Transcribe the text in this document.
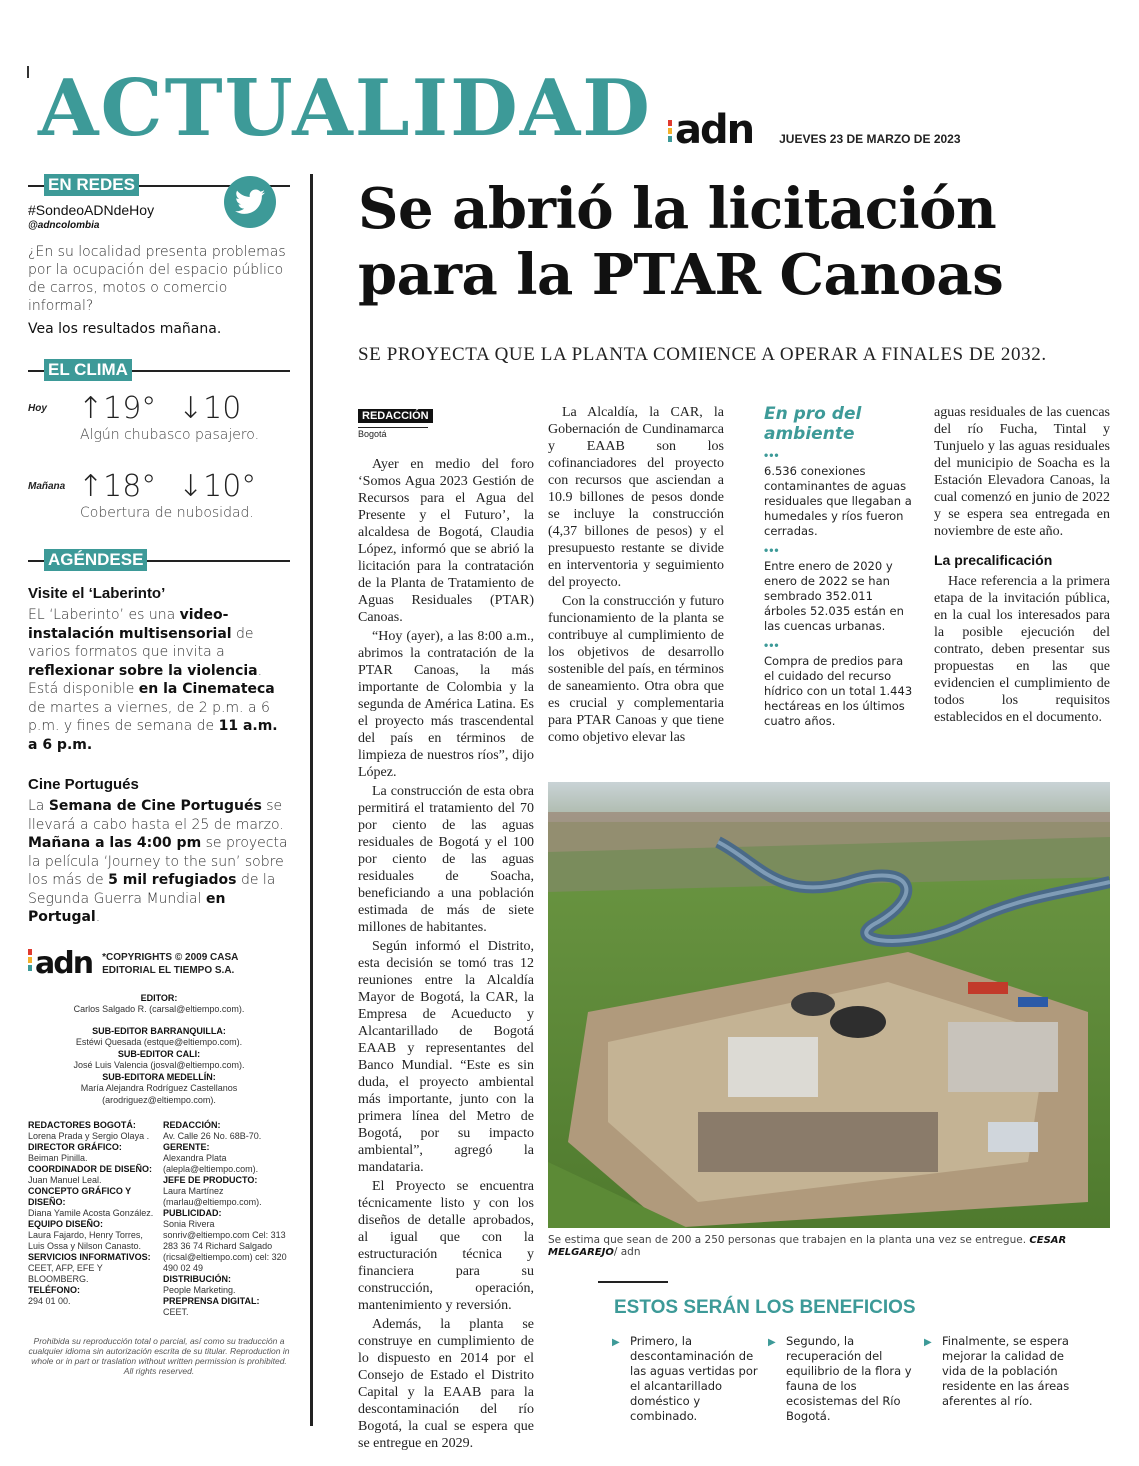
ACTUALIDAD adn JUEVES 23 DE MARZO DE 2023
EN REDES
#SondeoADNdeHoy
@adncolombia
¿En su localidad presenta problemas por la ocupación del espacio público de carros, motos o comercio informal?
Vea los resultados mañana.
EL CLIMA
Hoy ↑19° ↓10
Algún chubasco pasajero.
Mañana ↑18° ↓10°
Cobertura de nubosidad.
AGÉNDESE
Visite el ‘Laberinto’
EL ‘Laberinto’ es una video-instalación multisensorial de varios formatos que invita a reflexionar sobre la violencia. Está disponible en la Cinemateca de martes a viernes, de 2 p.m. a 6 p.m. y fines de semana de 11 a.m. a 6 p.m.
Cine Portugués
La Semana de Cine Portugués se llevará a cabo hasta el 25 de marzo. Mañana a las 4:00 pm se proyecta la película ‘Journey to the sun’ sobre los más de 5 mil refugiados de la Segunda Guerra Mundial en Portugal.
adn *COPYRIGHTS © 2009 CASA EDITORIAL EL TIEMPO S.A.
EDITOR:
Carlos Salgado R. (carsal@eltiempo.com).
SUB-EDITOR BARRANQUILLA:
Estéwi Quesada (estque@eltiempo.com).
SUB-EDITOR CALI:
José Luis Valencia (josval@eltiempo.com).
SUB-EDITORA MEDELLÍN:
María Alejandra Rodríguez Castellanos (arodriguez@eltiempo.com).
REDACTORES BOGOTÁ:
Lorena Prada y Sergio Olaya .
DIRECTOR GRÁFICO:
Beiman Pinilla.
COORDINADOR DE DISEÑO:
Juan Manuel Leal.
CONCEPTO GRÁFICO Y DISEÑO:
Diana Yamile Acosta González.
EQUIPO DISEÑO:
Laura Fajardo, Henry Torres, Luis Ossa y Nilson Canasto.
SERVICIOS INFORMATIVOS:
CEET, AFP, EFE Y BLOOMBERG.
TELÉFONO:
294 01 00.
REDACCIÓN:
Av. Calle 26 No. 68B-70.
GERENTE:
Alexandra Plata (alepla@eltiempo.com).
JEFE DE PRODUCTO:
Laura Martínez (marlau@eltiempo.com).
PUBLICIDAD:
Sonia Rivera sonriv@eltiempo.com Cel: 313 283 36 74 Richard Salgado (ricsal@eltiempo.com) cel: 320 490 02 49
DISTRIBUCIÓN:
People Marketing.
PREPRENSA DIGITAL:
CEET.
Prohibida su reproducción total o parcial, así como su traducción a cualquier idioma sin autorización escrita de su titular. Reproduction in whole or in part or traslation without written permission is prohibited. All rights reserved.
Se abrió la licitación para la PTAR Canoas
SE PROYECTA QUE LA PLANTA COMIENCE A OPERAR A FINALES DE 2032.
REDACCIÓN
Bogotá

Ayer en medio del foro ‘Somos Agua 2023 Gestión de Recursos para el Agua del Presente y el Futuro’, la alcaldesa de Bogotá, Claudia López, informó que se abrió la licitación para la contratación de la Planta de Tratamiento de Aguas Residuales (PTAR) Canoas.

“Hoy (ayer), a las 8:00 a.m., abrimos la contratación de la PTAR Canoas, la más importante de Colombia y la segunda de América Latina. Es el proyecto más trascendental del país en términos de limpieza de nuestros ríos”, dijo López.

La construcción de esta obra permitirá el tratamiento del 70 por ciento de las aguas residuales de Bogotá y el 100 por ciento de las aguas residuales de Soacha, beneficiando a una población estimada de más de siete millones de habitantes.

Según informó el Distrito, esta decisión se tomó tras 12 reuniones entre la Alcaldía Mayor de Bogotá, la CAR, la Empresa de Acueducto y Alcantarillado de Bogotá EAAB y representantes del Banco Mundial. “Este es sin duda, el proyecto ambiental más importante, junto con la primera línea del Metro de Bogotá, por su impacto ambiental”, agregó la mandataria.

El Proyecto se encuentra técnicamente listo y con los diseños de detalle aprobados, al igual que con la estructuración técnica y financiera para su construcción, operación, mantenimiento y reversión.

Además, la planta se construye en cumplimiento de lo dispuesto en 2014 por el Consejo de Estado el Distrito Capital y la EAAB para la descontaminación del río Bogotá, la cual se espera que se entregue en 2029.

La Alcaldía, la CAR, la Gobernación de Cundinamarca y EAAB son los cofinanciadores del proyecto con recursos que asciendan a 10.9 billones de pesos donde se incluye la construcción (4,37 billones de pesos) y el presupuesto restante se divide en interventoria y seguimiento del proyecto.

Con la construcción y futuro funcionamiento de la planta se contribuye al cumplimiento de los objetivos de desarrollo sostenible del país, en términos de saneamiento. Otra obra que es crucial y complementaria para PTAR Canoas y que tiene como objetivo elevar las

En pro del ambiente
•••
6.536 conexiones contaminantes de aguas residuales que llegaban a humedales y ríos fueron cerradas.
•••
Entre enero de 2020 y enero de 2022 se han sembrado 352.011 árboles 52.035 están en las cuencas urbanas.
•••
Compra de predios para el cuidado del recurso hídrico con un total 1.443 hectáreas en los últimos cuatro años.

aguas residuales de las cuencas del río Fucha, Tintal y Tunjuelo y las aguas residuales del municipio de Soacha es la Estación Elevadora Canoas, la cual comenzó en junio de 2022 y se espera sea entregada en noviembre de este año.

La precalificación

Hace referencia a la primera etapa de la invitación pública, en la cual los interesados para la posible ejecución del contrato, deben presentar sus propuestas en las que evidencien el cumplimiento de todos los requisitos establecidos en el documento.

Se estima que sean de 200 a 250 personas que trabajen en la planta una vez se entregue. CESAR MELGAREJO/ adn
ESTOS SERÁN LOS BENEFICIOS
▶ Primero, la descontaminación de las aguas vertidas por el alcantarillado doméstico y combinado.
▶ Segundo, la recuperación del equilibrio de la flora y fauna de los ecosistemas del Río Bogotá.
▶ Finalmente, se espera mejorar la calidad de vida de la población residente en las áreas aferentes al río.
